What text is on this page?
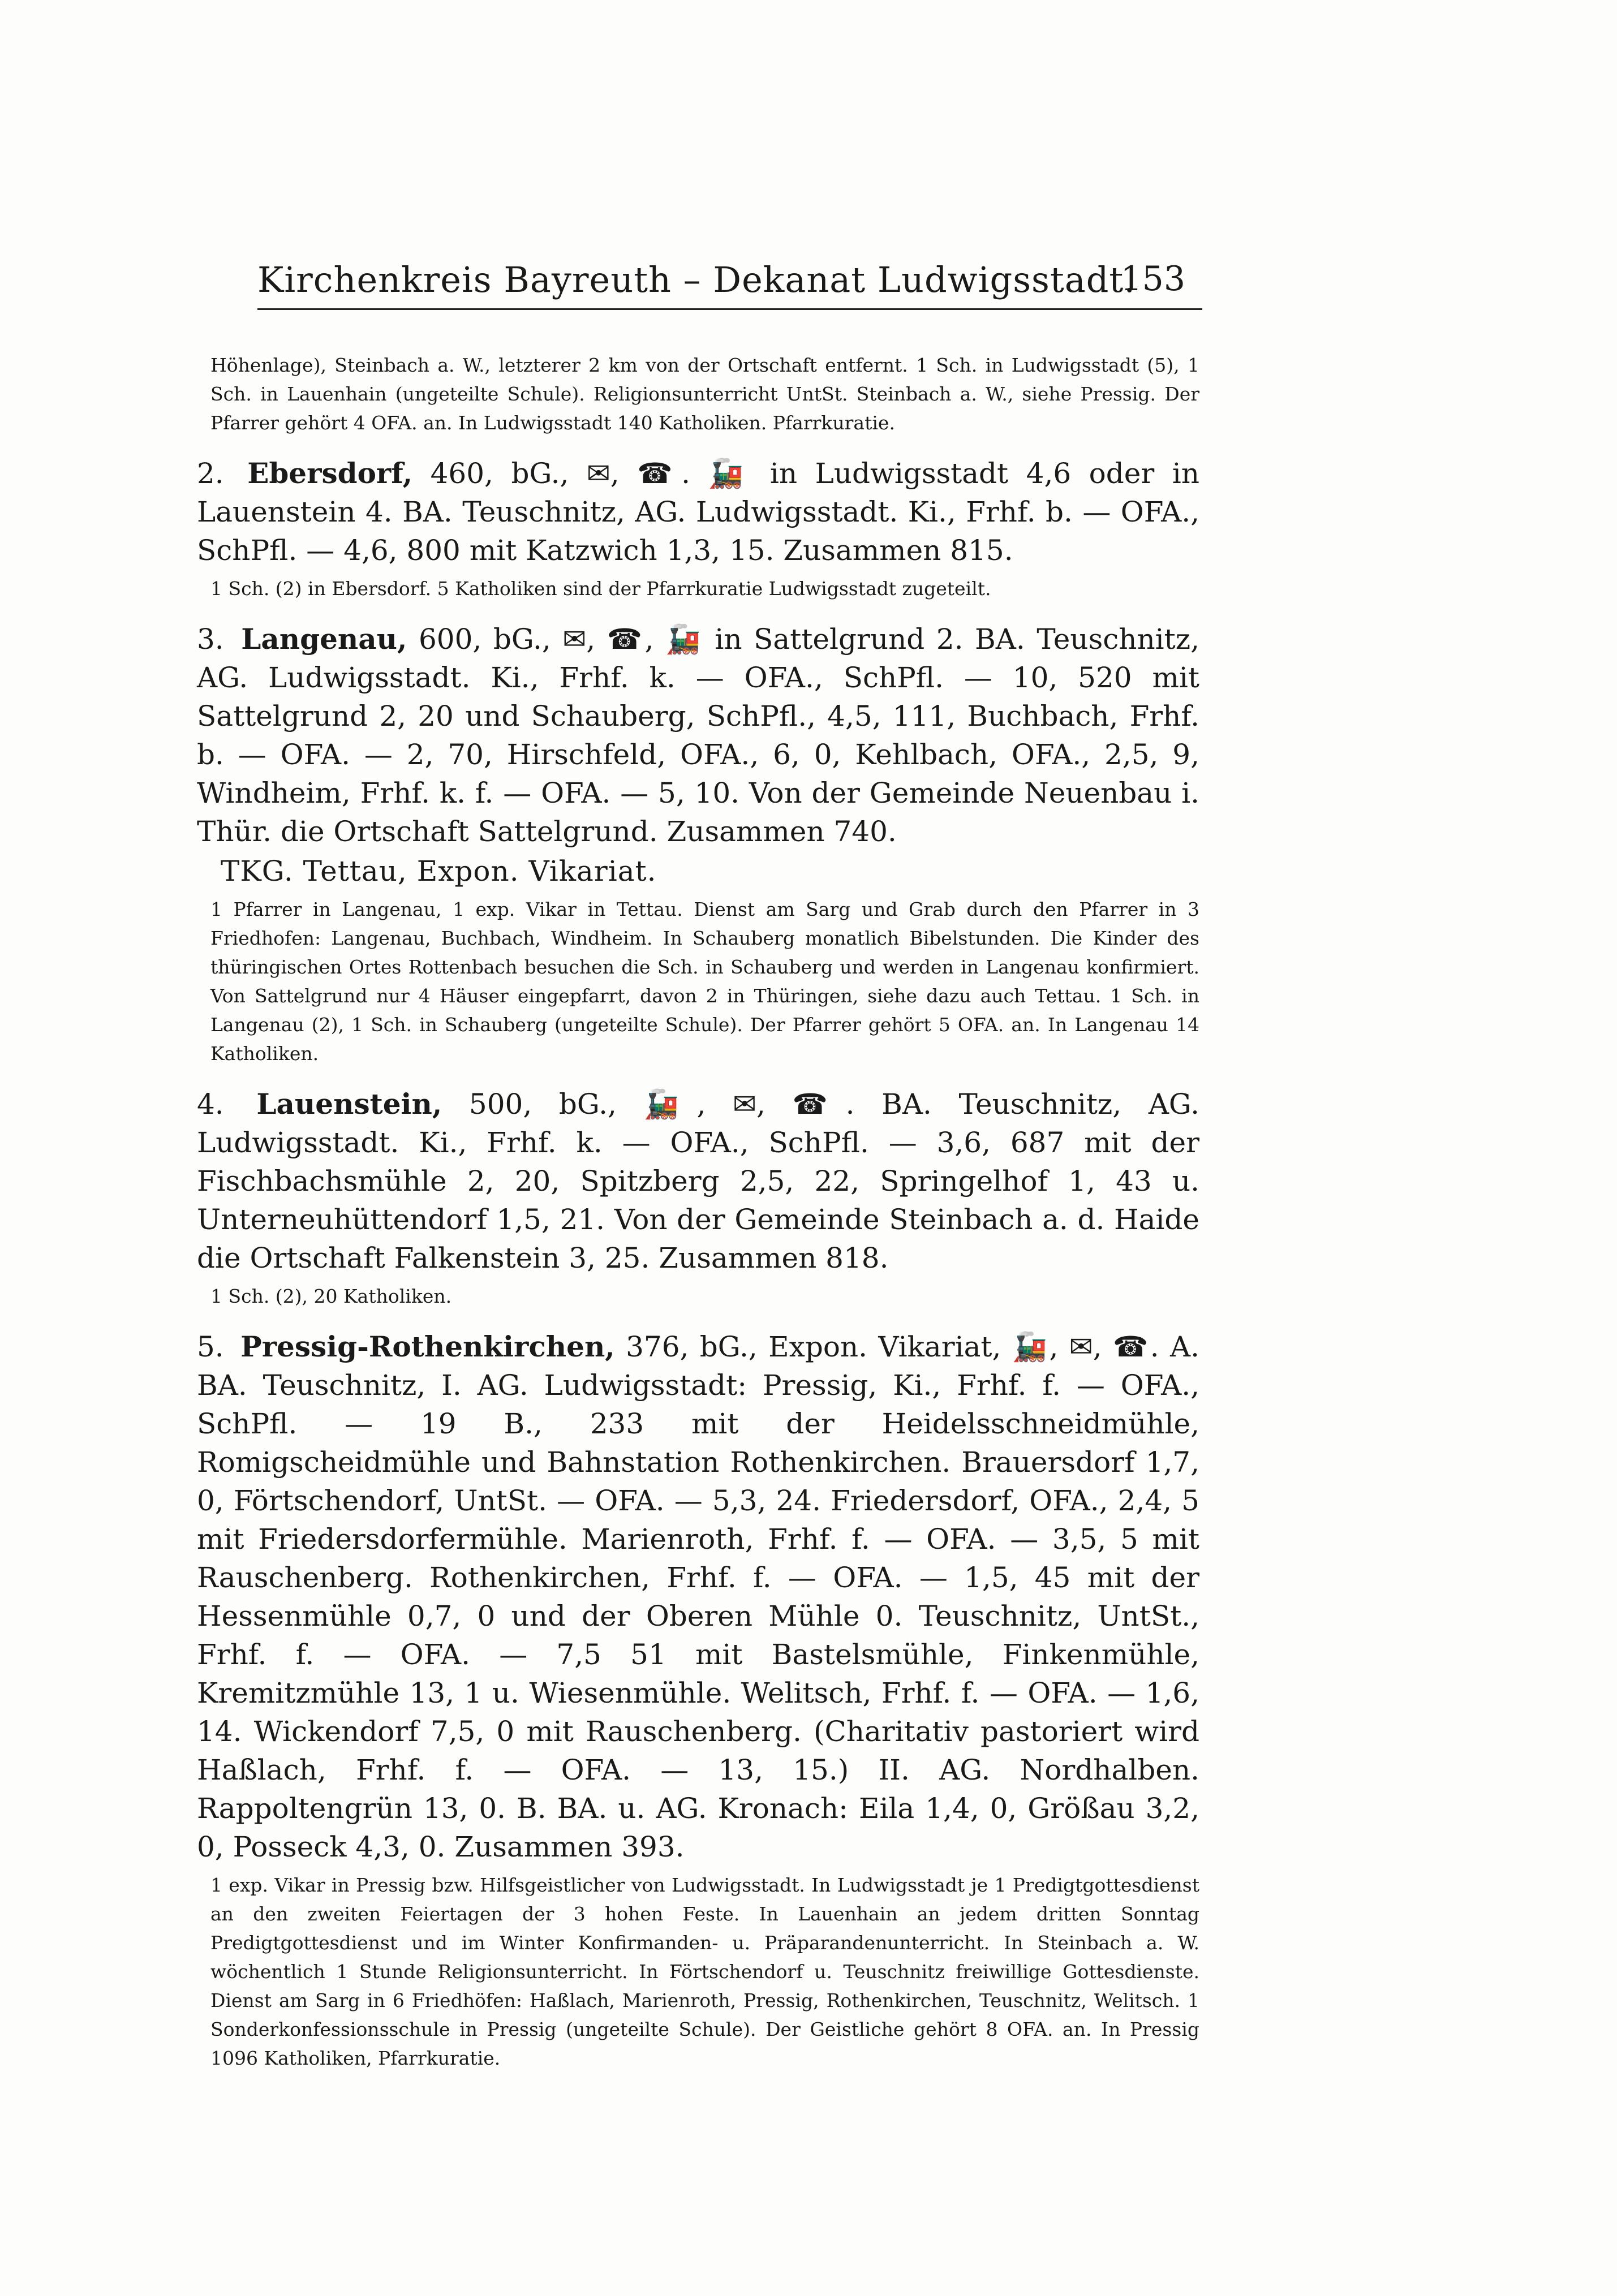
Kirchenkreis Bayreuth – Dekanat Ludwigsstadt.
153

Höhenlage), Steinbach a. W., letzterer 2 km von der Ortschaft entfernt. 1 Sch. in Ludwigsstadt (5), 1 Sch. in Lauenhain (ungeteilte Schule). Religionsunterricht UntSt. Steinbach a. W., siehe Pressig. Der Pfarrer gehört 4 OFA. an. In Ludwigsstadt 140 Katholiken. Pfarrkuratie.

2. Ebersdorf, 460, bG., ✉, ☎. 🚂 in Ludwigsstadt 4,6 oder in Lauenstein 4. BA. Teuschnitz, AG. Ludwigsstadt. Ki., Frhf. b. — OFA., SchPfl. — 4,6, 800 mit Katzwich 1,3, 15. Zusammen 815.

1 Sch. (2) in Ebersdorf. 5 Katholiken sind der Pfarrkuratie Ludwigsstadt zugeteilt.

3. Langenau, 600, bG., ✉, ☎, 🚂 in Sattelgrund 2. BA. Teuschnitz, AG. Ludwigsstadt. Ki., Frhf. k. — OFA., SchPfl. — 10, 520 mit Sattelgrund 2, 20 und Schauberg, SchPfl., 4,5, 111, Buchbach, Frhf. b. — OFA. — 2, 70, Hirschfeld, OFA., 6, 0, Kehlbach, OFA., 2,5, 9, Windheim, Frhf. k. f. — OFA. — 5, 10. Von der Gemeinde Neuenbau i. Thür. die Ortschaft Sattelgrund. Zusammen 740.

TKG. Tettau, Expon. Vikariat.

1 Pfarrer in Langenau, 1 exp. Vikar in Tettau. Dienst am Sarg und Grab durch den Pfarrer in 3 Friedhofen: Langenau, Buchbach, Windheim. In Schauberg monatlich Bibelstunden. Die Kinder des thüringischen Ortes Rottenbach besuchen die Sch. in Schauberg und werden in Langenau konfirmiert. Von Sattelgrund nur 4 Häuser eingepfarrt, davon 2 in Thüringen, siehe dazu auch Tettau. 1 Sch. in Langenau (2), 1 Sch. in Schauberg (ungeteilte Schule). Der Pfarrer gehört 5 OFA. an. In Langenau 14 Katholiken.

4. Lauenstein, 500, bG., 🚂, ✉, ☎. BA. Teuschnitz, AG. Ludwigsstadt. Ki., Frhf. k. — OFA., SchPfl. — 3,6, 687 mit der Fischbachsmühle 2, 20, Spitzberg 2,5, 22, Springelhof 1, 43 u. Unterneuhüttendorf 1,5, 21. Von der Gemeinde Steinbach a. d. Haide die Ortschaft Falkenstein 3, 25. Zusammen 818.

1 Sch. (2), 20 Katholiken.

5. Pressig-Rothenkirchen, 376, bG., Expon. Vikariat, 🚂, ✉, ☎. A. BA. Teuschnitz, I. AG. Ludwigsstadt: Pressig, Ki., Frhf. f. — OFA., SchPfl. — 19 B., 233 mit der Heidelsschneidmühle, Romigscheidmühle und Bahnstation Rothenkirchen. Brauersdorf 1,7, 0, Förtschendorf, UntSt. — OFA. — 5,3, 24. Friedersdorf, OFA., 2,4, 5 mit Friedersdorfermühle. Marienroth, Frhf. f. — OFA. — 3,5, 5 mit Rauschenberg. Rothenkirchen, Frhf. f. — OFA. — 1,5, 45 mit der Hessenmühle 0,7, 0 und der Oberen Mühle 0. Teuschnitz, UntSt., Frhf. f. — OFA. — 7,5 51 mit Bastelsmühle, Finkenmühle, Kremitzmühle 13, 1 u. Wiesenmühle. Welitsch, Frhf. f. — OFA. — 1,6, 14. Wickendorf 7,5, 0 mit Rauschenberg. (Charitativ pastoriert wird Haßlach, Frhf. f. — OFA. — 13, 15.) II. AG. Nordhalben. Rappoltengrün 13, 0. B. BA. u. AG. Kronach: Eila 1,4, 0, Größau 3,2, 0, Posseck 4,3, 0. Zusammen 393.

1 exp. Vikar in Pressig bzw. Hilfsgeistlicher von Ludwigsstadt. In Ludwigsstadt je 1 Predigtgottesdienst an den zweiten Feiertagen der 3 hohen Feste. In Lauenhain an jedem dritten Sonntag Predigtgottesdienst und im Winter Konfirmanden- u. Präparandenunterricht. In Steinbach a. W. wöchentlich 1 Stunde Religionsunterricht. In Förtschendorf u. Teuschnitz freiwillige Gottesdienste. Dienst am Sarg in 6 Friedhöfen: Haßlach, Marienroth, Pressig, Rothenkirchen, Teuschnitz, Welitsch. 1 Sonderkonfessionsschule in Pressig (ungeteilte Schule). Der Geistliche gehört 8 OFA. an. In Pressig 1096 Katholiken, Pfarrkuratie.
